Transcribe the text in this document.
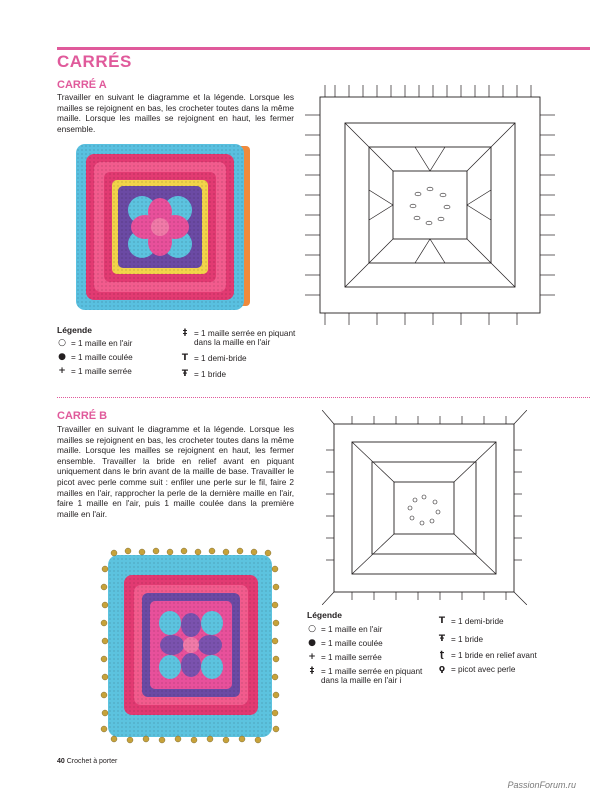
CARRÉS
CARRÉ A
Travailler en suivant le diagramme et la légende. Lorsque les mailles se rejoignent en bas, les crocheter toutes dans la même maille. Lorsque les mailles se rejoignent en haut, les fermer ensemble.
Légende
○ = 1 maille en l'air
● = 1 maille coulée
+ = 1 maille serrée
‡ = 1 maille serrée en piquant
dans la maille en l'air
T = 1 demi-bride
Ŧ = 1 bride
CARRÉ B
Travailler en suivant le diagramme et la légende. Lorsque les mailles se rejoignent en bas, les crocheter toutes dans la même maille. Lorsque les mailles se rejoignent en haut, les fermer ensemble. Travailler la bride en relief avant en piquant uniquement dans le brin avant de la maille de base. Travailler le picot avec perle comme suit : enfiler une perle sur le fil, faire 2 mailles en l'air, rapprocher la perle de la dernière maille en l'air, faire 1 maille en l'air, puis 1 maille coulée dans la première maille en l'air.
Légende
○ = 1 maille en l'air
● = 1 maille coulée
+ = 1 maille serrée
‡ = 1 maille serrée en piquant
dans la maille en l'air i
T = 1 demi-bride
Ŧ = 1 bride
ʈ = 1 bride en relief avant
ϙ = picot avec perle
40 Crochet à porter
PassionForum.ru
